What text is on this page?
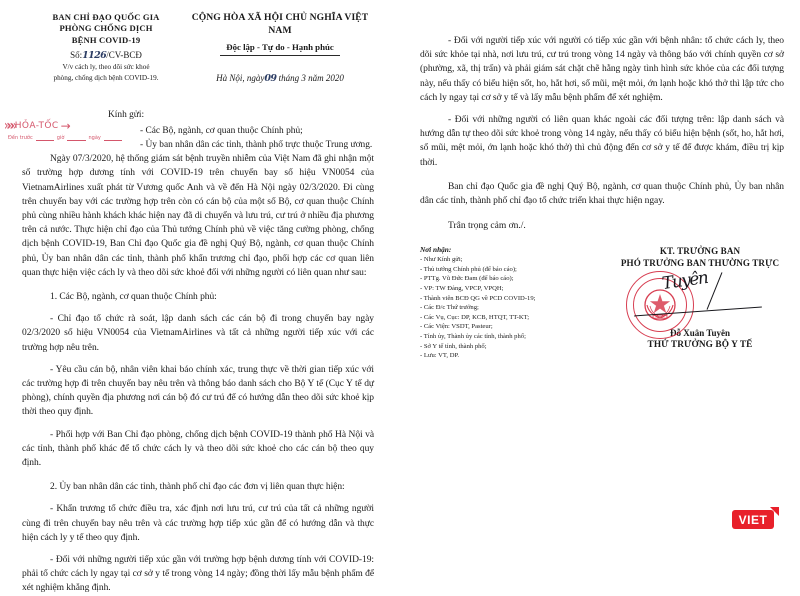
BAN CHỈ ĐẠO QUỐC GIA
PHÒNG CHỐNG DỊCH
BỆNH COVID-19
Số:1126/CV-BCĐ
V/v cách ly, theo dõi sức khoẻ
phòng, chống dịch bệnh COVID-19.
CỘNG HÒA XÃ HỘI CHỦ NGHĨA VIỆT NAM
Độc lập - Tự do - Hạnh phúc
Hà Nội, ngày09 tháng 3 năm 2020
»»» HỎA-TỐC →
Đến trước	giờ	ngày
Kính gửi:
- Các Bộ, ngành, cơ quan thuộc Chính phủ;
- Ủy ban nhân dân các tỉnh, thành phố trực thuộc Trung ương.

Ngày 07/3/2020, hệ thống giám sát bệnh truyền nhiễm của Việt Nam đã ghi nhận một số trường hợp dương tính với COVID-19 trên chuyến bay số hiệu VN0054 của VietnamAirlines xuất phát từ Vương quốc Anh và về đến Hà Nội ngày 02/3/2020. Đi cùng trên chuyến bay với các trường hợp trên còn có cán bộ của một số Bộ, cơ quan thuộc Chính phủ cùng nhiều hành khách khác hiện nay đã di chuyển và lưu trú, cư trú ở nhiều địa phương trên cả nước. Thực hiện chỉ đạo của Thủ tướng Chính phủ về việc tăng cường phòng, chống dịch bệnh COVID-19, Ban Chỉ đạo Quốc gia đề nghị Quý Bộ, ngành, cơ quan thuộc Chính phủ, Ủy ban nhân dân các tỉnh, thành phố khẩn trương chỉ đạo, phối hợp các cơ quan liên quan thực hiện việc cách ly và theo dõi sức khoẻ đối với những người có liên quan như sau:

1. Các Bộ, ngành, cơ quan thuộc Chính phủ:

- Chỉ đạo tổ chức rà soát, lập danh sách các cán bộ đi trong chuyến bay ngày 02/3/2020 số hiệu VN0054 của VietnamAirlines và tất cả những người tiếp xúc với các trường hợp nêu trên.

- Yêu cầu cán bộ, nhân viên khai báo chính xác, trung thực về thời gian tiếp xúc với các trường hợp đi trên chuyến bay nêu trên và thông báo danh sách cho Bộ Y tế (Cục Y tế dự phòng), chính quyền địa phương nơi cán bộ đó cư trú để có hướng dẫn theo dõi sức khoẻ kịp thời theo quy định.

- Phối hợp với Ban Chỉ đạo phòng, chống dịch bệnh COVID-19 thành phố Hà Nội và các tỉnh, thành phố khác để tổ chức cách ly và theo dõi sức khoẻ cho các cán bộ theo quy định.

2. Ủy ban nhân dân các tỉnh, thành phố chỉ đạo các đơn vị liên quan thực hiện:

- Khẩn trương tổ chức điều tra, xác định nơi lưu trú, cư trú của tất cả những người cùng đi trên chuyến bay nêu trên và các trường hợp tiếp xúc gần để có hướng dẫn và thực hiện cách ly y tế theo quy định.

- Đối với những người tiếp xúc gần với trường hợp bệnh dương tính với COVID-19: phải tổ chức cách ly ngay tại cơ sở y tế trong vòng 14 ngày; đồng thời lấy mẫu bệnh phẩm để xét nghiệm khẳng định.

- Đối với người tiếp xúc với người có tiếp xúc gần với bệnh nhân: tổ chức cách ly, theo dõi sức khỏe tại nhà, nơi lưu trú, cư trú trong vòng 14 ngày và thông báo với chính quyền cơ sở (phường, xã, thị trấn) và phải giám sát chặt chẽ hằng ngày tình hình sức khỏe của các đối tượng này, nếu thấy có biểu hiện sốt, ho, hắt hơi, sổ mũi, mệt mỏi, ớn lạnh hoặc khó thở thì lập tức cho cách ly ngay tại cơ sở y tế và lấy mẫu bệnh phẩm để xét nghiệm.

- Đối với những người có liên quan khác ngoài các đối tượng trên: lập danh sách và hướng dẫn tự theo dõi sức khoẻ trong vòng 14 ngày, nếu thấy có biểu hiện bệnh (sốt, ho, hắt hơi, sổ mũi, mệt mỏi, ớn lạnh hoặc khó thở) thì chủ động đến cơ sở y tế để được khám, điều trị kịp thời.

Ban chỉ đạo Quốc gia đề nghị Quý Bộ, ngành, cơ quan thuộc Chính phủ, Ủy ban nhân dân các tỉnh, thành phố chỉ đạo tổ chức triển khai thực hiện ngay.

Trân trọng cảm ơn./.
Nơi nhận:
- Như Kính gửi;
- Thủ tướng Chính phủ (để báo cáo);
- PTTg. Vũ Đức Đam (để báo cáo);
- VP: TW Đảng, VPCP, VPQH;
- Thành viên BCĐ QG về PCD COVID-19;
- Các Đ/c Thứ trưởng;
- Các Vụ, Cục: DP, KCB, HTQT, TT-KT;
- Các Viện: VSDT, Pasteur;
- Tỉnh ủy, Thành ủy các tỉnh, thành phố;
- Sở Y tế tỉnh, thành phố;
- Lưu: VT, DP.
KT. TRƯỞNG BAN
PHÓ TRƯỞNG BAN THƯỜNG TRỰC
Tuyên
Đỗ Xuân Tuyên
THỨ TRƯỞNG BỘ Y TẾ
VIET
